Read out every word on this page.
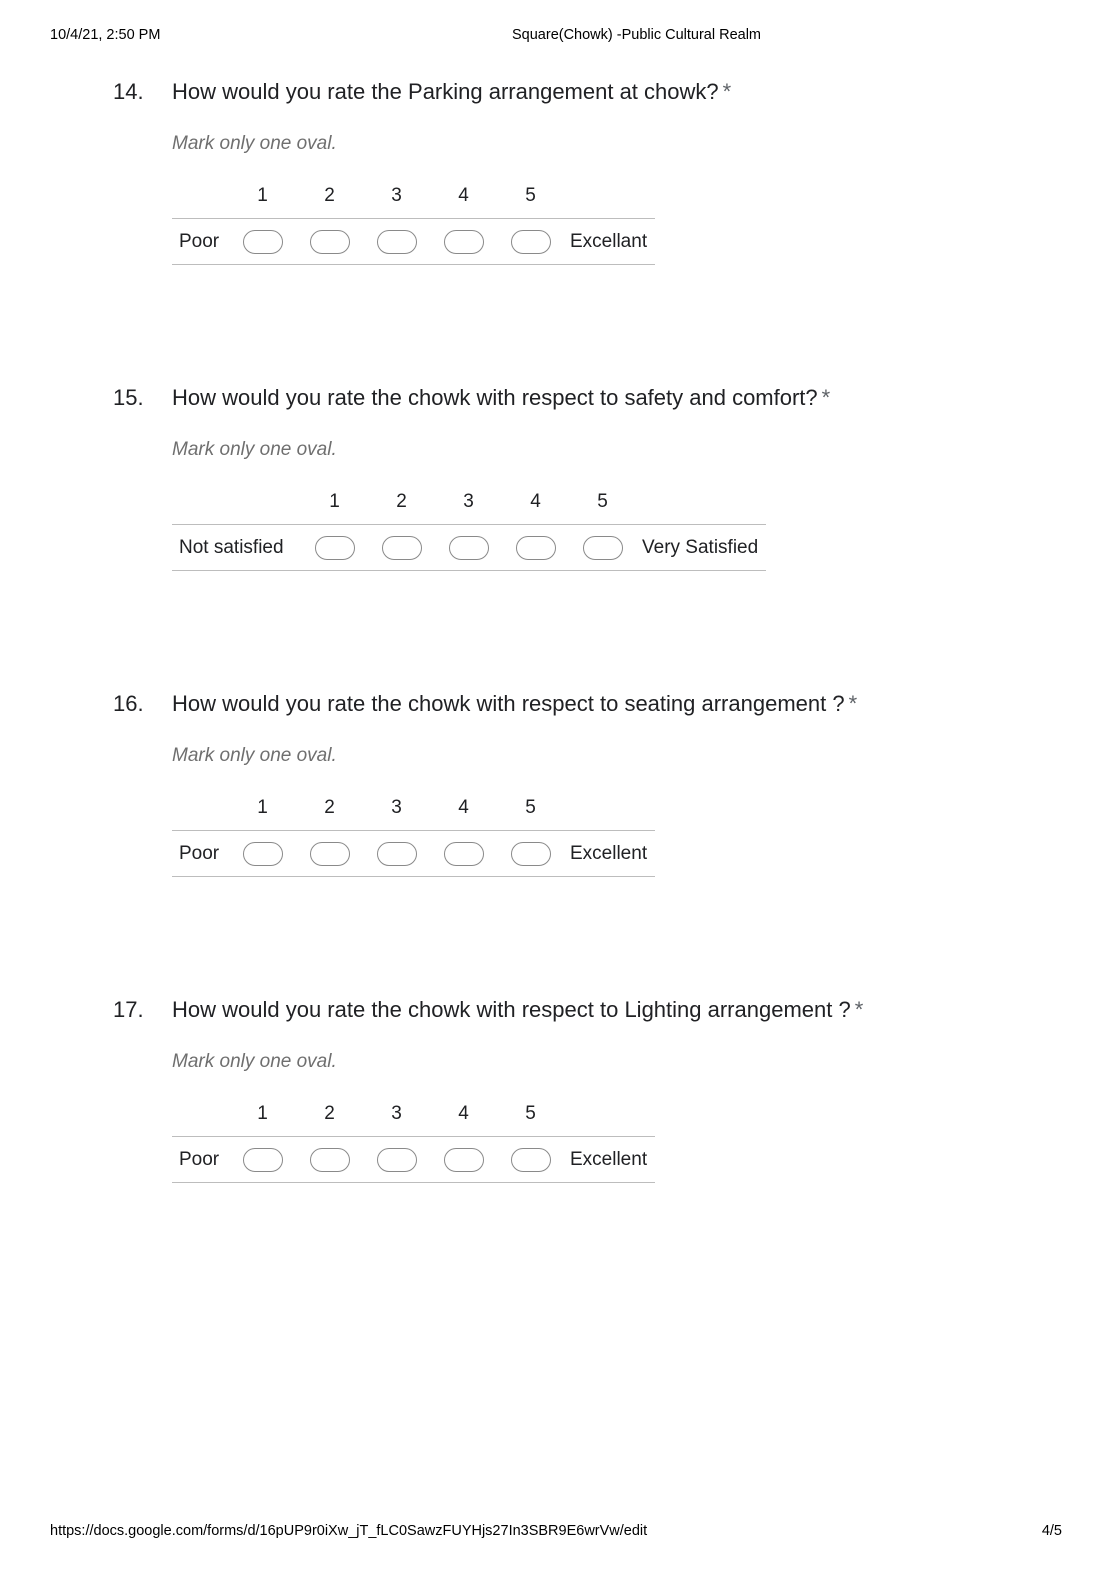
10/4/21, 2:50 PM	Square(Chowk) -Public Cultural Realm
14. How would you rate the Parking arrangement at chowk? *
Mark only one oval.
1	2	3	4	5
Poor	Excellant
15. How would you rate the chowk with respect to safety and comfort? *
Mark only one oval.
1	2	3	4	5
Not satisfied	Very Satisfied
16. How would you rate the chowk with respect to seating arrangement ? *
Mark only one oval.
1	2	3	4	5
Poor	Excellent
17. How would you rate the chowk with respect to Lighting arrangement ? *
Mark only one oval.
1	2	3	4	5
Poor	Excellent
https://docs.google.com/forms/d/16pUP9r0iXw_jT_fLC0SawzFUYHjs27In3SBR9E6wrVw/edit	4/5
